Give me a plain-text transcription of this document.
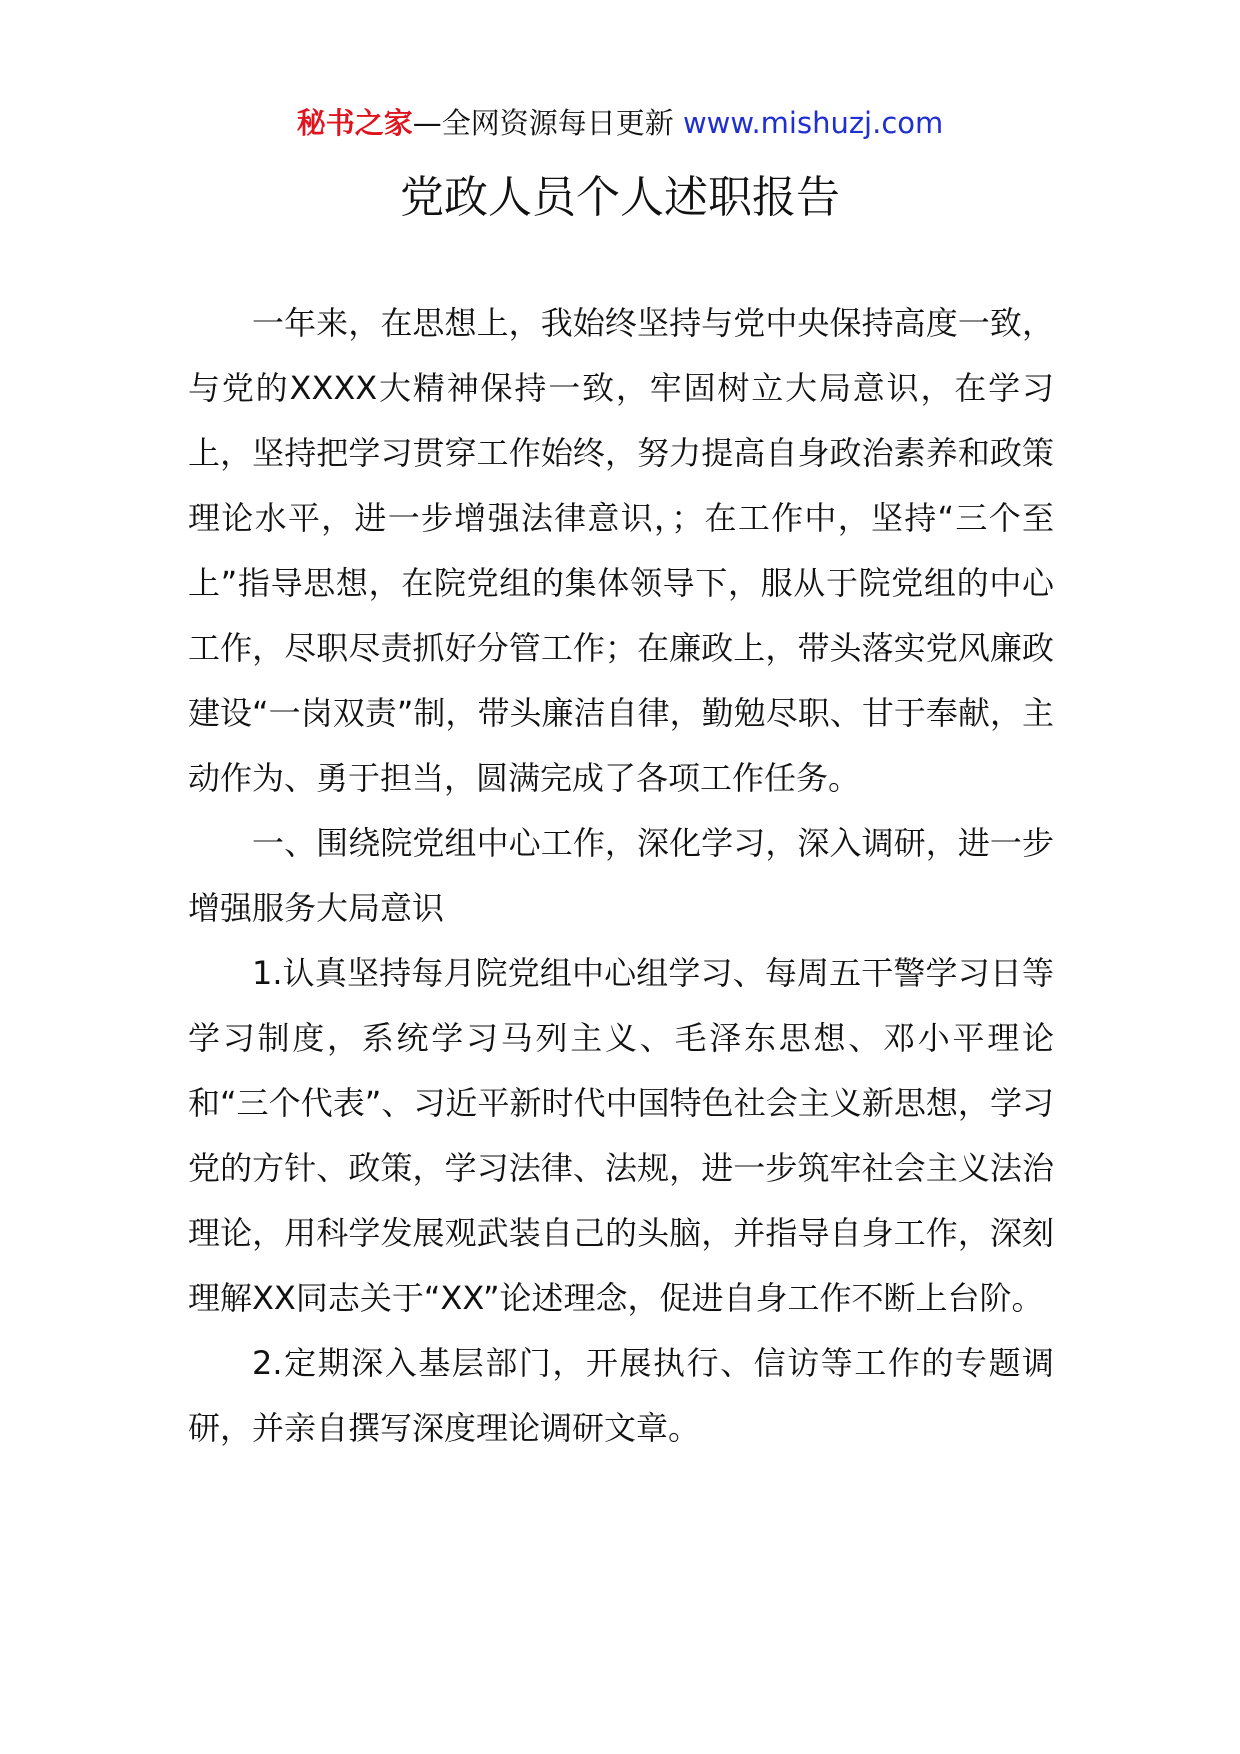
秘书之家—全网资源每日更新 www.mishuzj.com
党政人员个人述职报告

一年来，在思想上，我始终坚持与党中央保持高度一致，与党的XXXX大精神保持一致，牢固树立大局意识，在学习上，坚持把学习贯穿工作始终，努力提高自身政治素养和政策理论水平，进一步增强法律意识，；在工作中，坚持“三个至上”指导思想，在院党组的集体领导下，服从于院党组的中心工作，尽职尽责抓好分管工作；在廉政上，带头落实党风廉政建设“一岗双责”制，带头廉洁自律，勤勉尽职、甘于奉献，主动作为、勇于担当，圆满完成了各项工作任务。

一、围绕院党组中心工作，深化学习，深入调研，进一步增强服务大局意识

1.认真坚持每月院党组中心组学习、每周五干警学习日等学习制度，系统学习马列主义、毛泽东思想、邓小平理论和“三个代表”、习近平新时代中国特色社会主义新思想，学习党的方针、政策，学习法律、法规，进一步筑牢社会主义法治理论，用科学发展观武装自己的头脑，并指导自身工作，深刻理解XX同志关于“XX”论述理念，促进自身工作不断上台阶。

2.定期深入基层部门，开展执行、信访等工作的专题调研，并亲自撰写深度理论调研文章。
